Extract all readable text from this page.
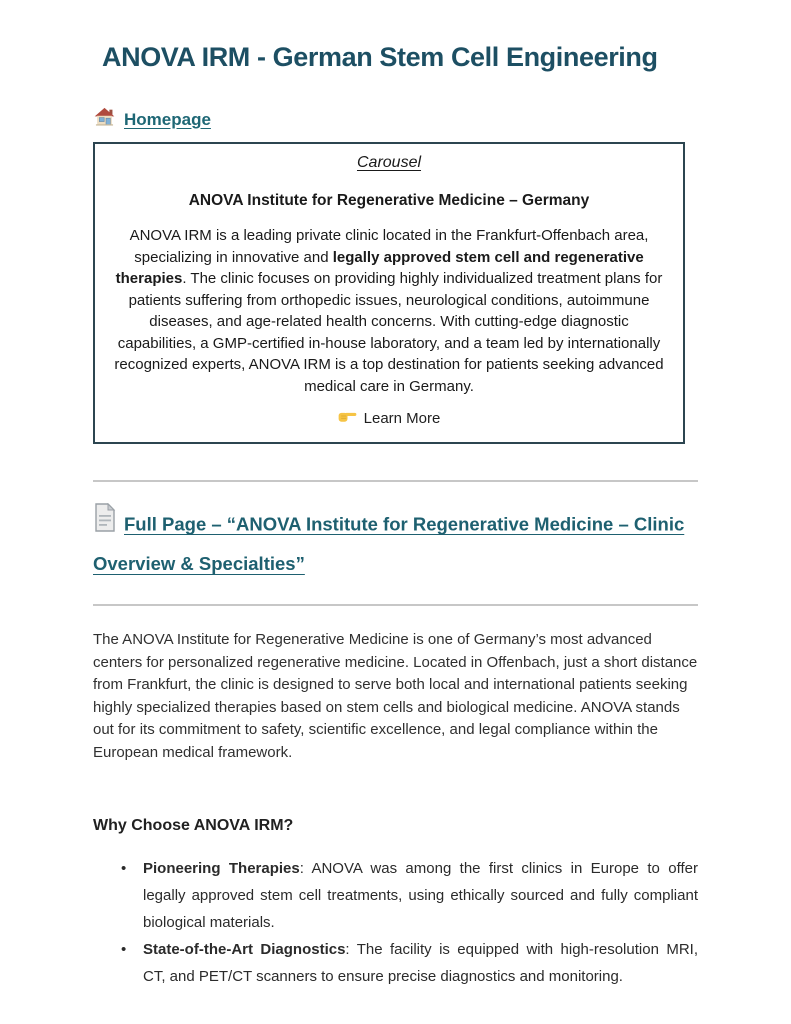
ANOVA IRM - German Stem Cell Engineering
Homepage
Carousel
ANOVA Institute for Regenerative Medicine – Germany
ANOVA IRM is a leading private clinic located in the Frankfurt-Offenbach area, specializing in innovative and legally approved stem cell and regenerative therapies. The clinic focuses on providing highly individualized treatment plans for patients suffering from orthopedic issues, neurological conditions, autoimmune diseases, and age-related health concerns. With cutting-edge diagnostic capabilities, a GMP-certified in-house laboratory, and a team led by internationally recognized experts, ANOVA IRM is a top destination for patients seeking advanced medical care in Germany.
Learn More
Full Page – “ANOVA Institute for Regenerative Medicine – Clinic Overview & Specialties”

The ANOVA Institute for Regenerative Medicine is one of Germany’s most advanced centers for personalized regenerative medicine. Located in Offenbach, just a short distance from Frankfurt, the clinic is designed to serve both local and international patients seeking highly specialized therapies based on stem cells and biological medicine. ANOVA stands out for its commitment to safety, scientific excellence, and legal compliance within the European medical framework.

Why Choose ANOVA IRM?
• Pioneering Therapies: ANOVA was among the first clinics in Europe to offer legally approved stem cell treatments, using ethically sourced and fully compliant biological materials.
• State-of-the-Art Diagnostics: The facility is equipped with high-resolution MRI, CT, and PET/CT scanners to ensure precise diagnostics and monitoring.
